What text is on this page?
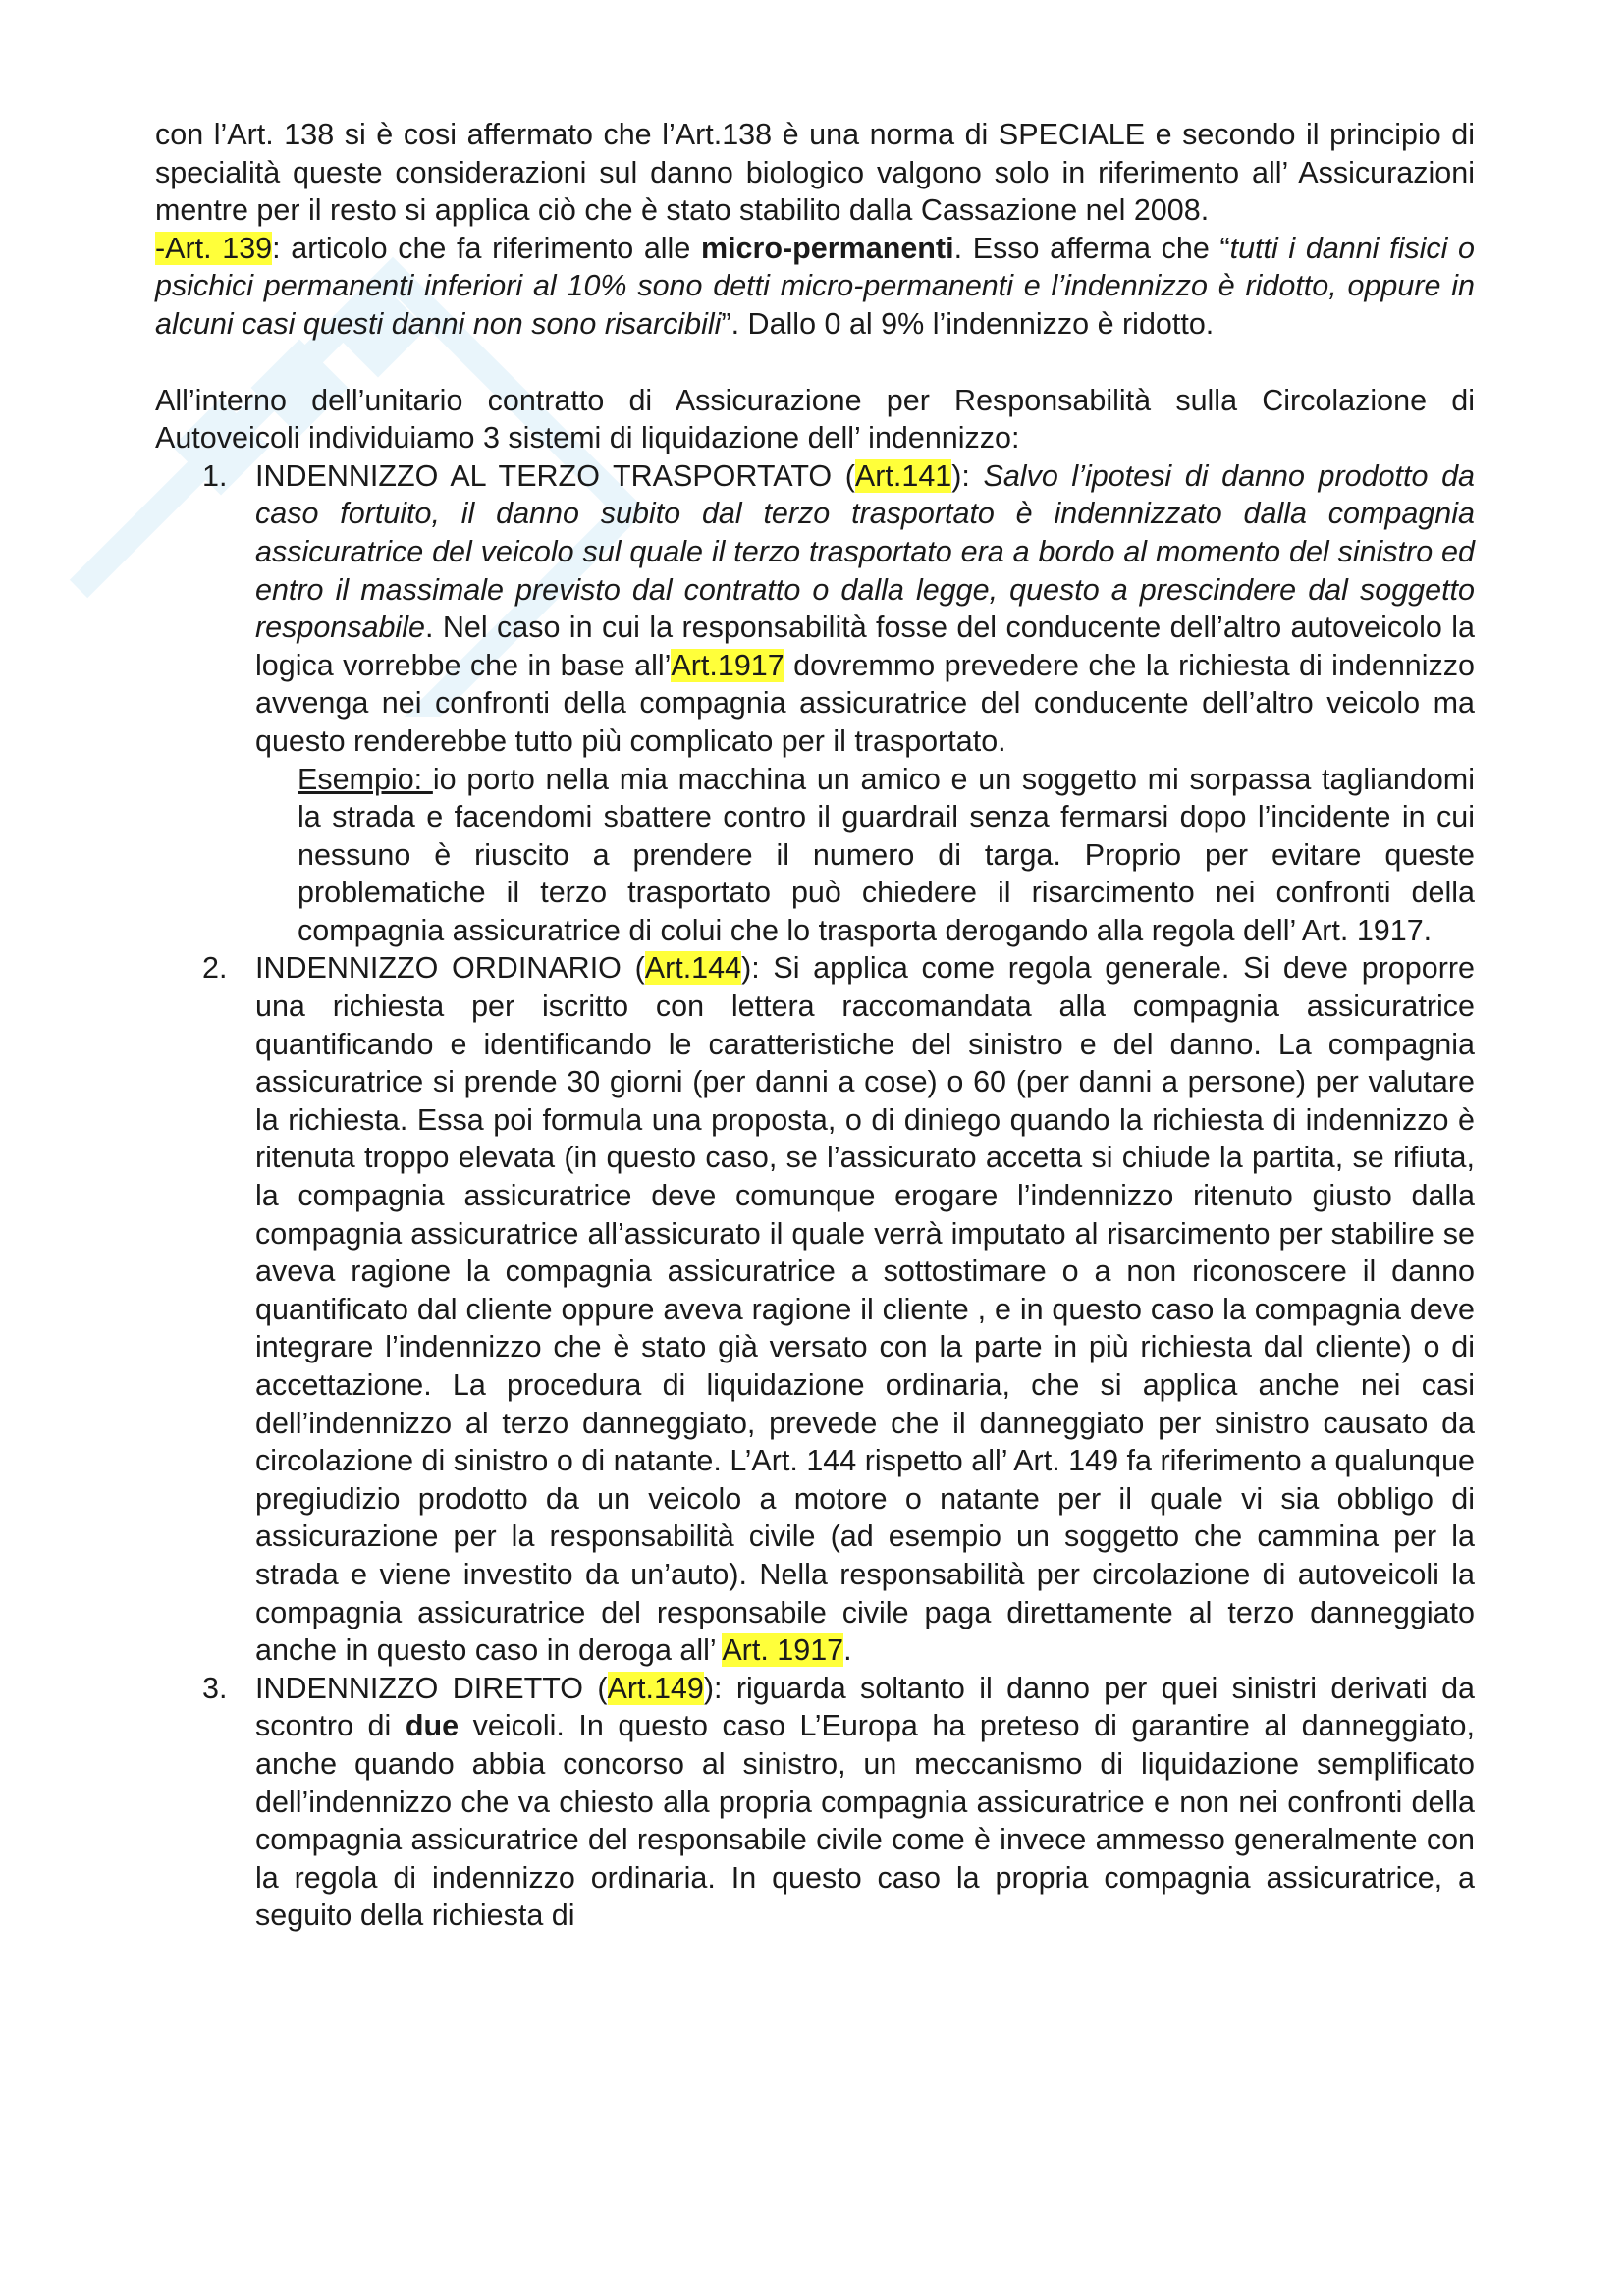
con l’Art. 138 si è cosi affermato che l’Art.138 è una norma di SPECIALE e secondo il principio di specialità queste considerazioni sul danno biologico valgono solo in riferimento all’ Assicurazioni mentre per il resto si applica ciò che è stato stabilito dalla Cassazione nel 2008.

-Art. 139: articolo che fa riferimento alle micro-permanenti. Esso afferma che “tutti i danni fisici o psichici permanenti inferiori al 10% sono detti micro-permanenti e l’indennizzo è ridotto, oppure in alcuni casi questi danni non sono risarcibili”. Dallo 0 al 9% l’indennizzo è ridotto.

All’interno dell’unitario contratto di Assicurazione per Responsabilità sulla Circolazione di Autoveicoli individuiamo 3 sistemi di liquidazione dell’ indennizzo:

1. INDENNIZZO AL TERZO TRASPORTATO (Art.141): Salvo l’ipotesi di danno prodotto da caso fortuito, il danno subito dal terzo trasportato è indennizzato dalla compagnia assicuratrice del veicolo sul quale il terzo trasportato era a bordo al momento del sinistro ed entro il massimale previsto dal contratto o dalla legge, questo a prescindere dal soggetto responsabile. Nel caso in cui la responsabilità fosse del conducente dell’altro autoveicolo la logica vorrebbe che in base all’Art.1917 dovremmo prevedere che la richiesta di indennizzo avvenga nei confronti della compagnia assicuratrice del conducente dell’altro veicolo ma questo renderebbe tutto più complicato per il trasportato.
Esempio: io porto nella mia macchina un amico e un soggetto mi sorpassa tagliandomi la strada e facendomi sbattere contro il guardrail senza fermarsi dopo l’incidente in cui nessuno è riuscito a prendere il numero di targa. Proprio per evitare queste problematiche il terzo trasportato può chiedere il risarcimento nei confronti della compagnia assicuratrice di colui che lo trasporta derogando alla regola dell’ Art. 1917.
2. INDENNIZZO ORDINARIO (Art.144): Si applica come regola generale. Si deve proporre una richiesta per iscritto con lettera raccomandata alla compagnia assicuratrice quantificando e identificando le caratteristiche del sinistro e del danno. La compagnia assicuratrice si prende 30 giorni (per danni a cose) o 60 (per danni a persone) per valutare la richiesta. Essa poi formula una proposta, o di diniego quando la richiesta di indennizzo è ritenuta troppo elevata (in questo caso, se l’assicurato accetta si chiude la partita, se rifiuta, la compagnia assicuratrice deve comunque erogare l’indennizzo ritenuto giusto dalla compagnia assicuratrice all’assicurato il quale verrà imputato al risarcimento per stabilire se aveva ragione la compagnia assicuratrice a sottostimare o a non riconoscere il danno quantificato dal cliente oppure aveva ragione il cliente , e in questo caso la compagnia deve integrare l’indennizzo che è stato già versato con la parte in più richiesta dal cliente) o di accettazione. La procedura di liquidazione ordinaria, che si applica anche nei casi dell’indennizzo al terzo danneggiato, prevede che il danneggiato per sinistro causato da circolazione di sinistro o di natante. L’Art. 144 rispetto all’ Art. 149 fa riferimento a qualunque pregiudizio prodotto da un veicolo a motore o natante per il quale vi sia obbligo di assicurazione per la responsabilità civile (ad esempio un soggetto che cammina per la strada e viene investito da un’auto). Nella responsabilità per circolazione di autoveicoli la compagnia assicuratrice del responsabile civile paga direttamente al terzo danneggiato anche in questo caso in deroga all’ Art. 1917.
3. INDENNIZZO DIRETTO (Art.149): riguarda soltanto il danno per quei sinistri derivati da scontro di due veicoli. In questo caso L’Europa ha preteso di garantire al danneggiato, anche quando abbia concorso al sinistro, un meccanismo di liquidazione semplificato dell’indennizzo che va chiesto alla propria compagnia assicuratrice e non nei confronti della compagnia assicuratrice del responsabile civile come è invece ammesso generalmente con la regola di indennizzo ordinaria. In questo caso la propria compagnia assicuratrice, a seguito della richiesta di
